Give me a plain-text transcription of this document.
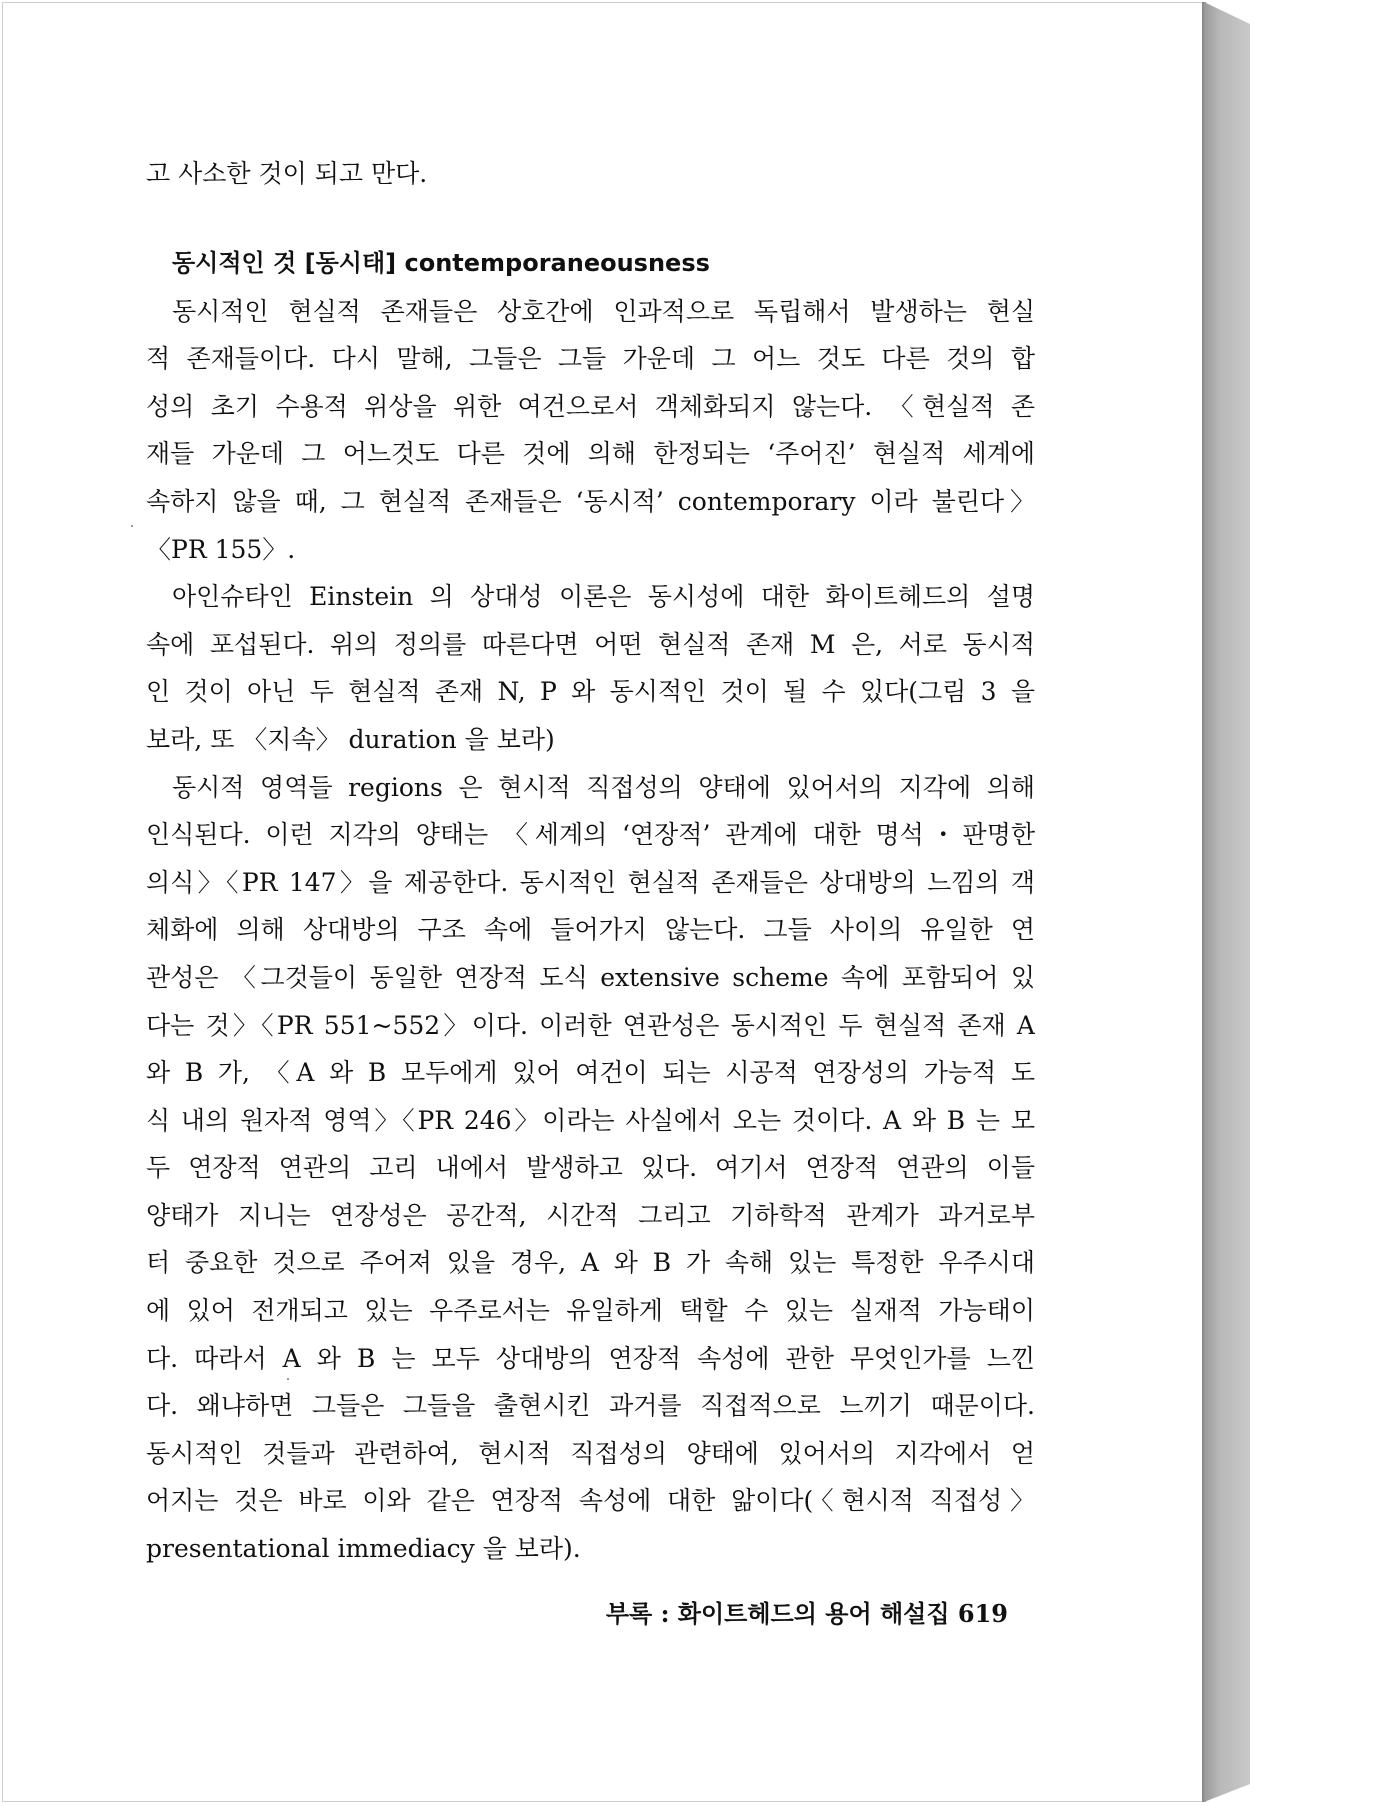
고 사소한 것이 되고 만다.
동시적인 것 [동시태] contemporaneousness
동시적인 현실적 존재들은 상호간에 인과적으로 독립해서 발생하는 현실
적 존재들이다. 다시 말해, 그들은 그들 가운데 그 어느 것도 다른 것의 합
성의 초기 수용적 위상을 위한 여건으로서 객체화되지 않는다. 〈현실적 존
재들 가운데 그 어느것도 다른 것에 의해 한정되는 ‘주어진’ 현실적 세계에
속하지 않을 때, 그 현실적 존재들은 ‘동시적’ contemporary 이라 불린다〉
〈PR 155〉.
아인슈타인 Einstein 의 상대성 이론은 동시성에 대한 화이트헤드의 설명
속에 포섭된다. 위의 정의를 따른다면 어떤 현실적 존재 M 은, 서로 동시적
인 것이 아닌 두 현실적 존재 N, P 와 동시적인 것이 될 수 있다(그림 3 을
보라, 또 〈지속〉 duration 을 보라)
동시적 영역들 regions 은 현시적 직접성의 양태에 있어서의 지각에 의해
인식된다. 이런 지각의 양태는 〈세계의 ‘연장적’ 관계에 대한 명석・판명한
의식〉〈PR 147〉을 제공한다. 동시적인 현실적 존재들은 상대방의 느낌의 객
체화에 의해 상대방의 구조 속에 들어가지 않는다. 그들 사이의 유일한 연
관성은 〈그것들이 동일한 연장적 도식 extensive scheme 속에 포함되어 있
다는 것〉〈PR 551~552〉이다. 이러한 연관성은 동시적인 두 현실적 존재 A
와 B 가, 〈A 와 B 모두에게 있어 여건이 되는 시공적 연장성의 가능적 도
식 내의 원자적 영역〉〈PR 246〉이라는 사실에서 오는 것이다. A 와 B 는 모
두 연장적 연관의 고리 내에서 발생하고 있다. 여기서 연장적 연관의 이들
양태가 지니는 연장성은 공간적, 시간적 그리고 기하학적 관계가 과거로부
터 중요한 것으로 주어져 있을 경우, A 와 B 가 속해 있는 특정한 우주시대
에 있어 전개되고 있는 우주로서는 유일하게 택할 수 있는 실재적 가능태이
다. 따라서 A 와 B 는 모두 상대방의 연장적 속성에 관한 무엇인가를 느낀
다. 왜냐하면 그들은 그들을 출현시킨 과거를 직접적으로 느끼기 때문이다.
동시적인 것들과 관련하여, 현시적 직접성의 양태에 있어서의 지각에서 얻
어지는 것은 바로 이와 같은 연장적 속성에 대한 앎이다(〈현시적 직접성〉
presentational immediacy 을 보라).
부록 : 화이트헤드의 용어 해설집 619
